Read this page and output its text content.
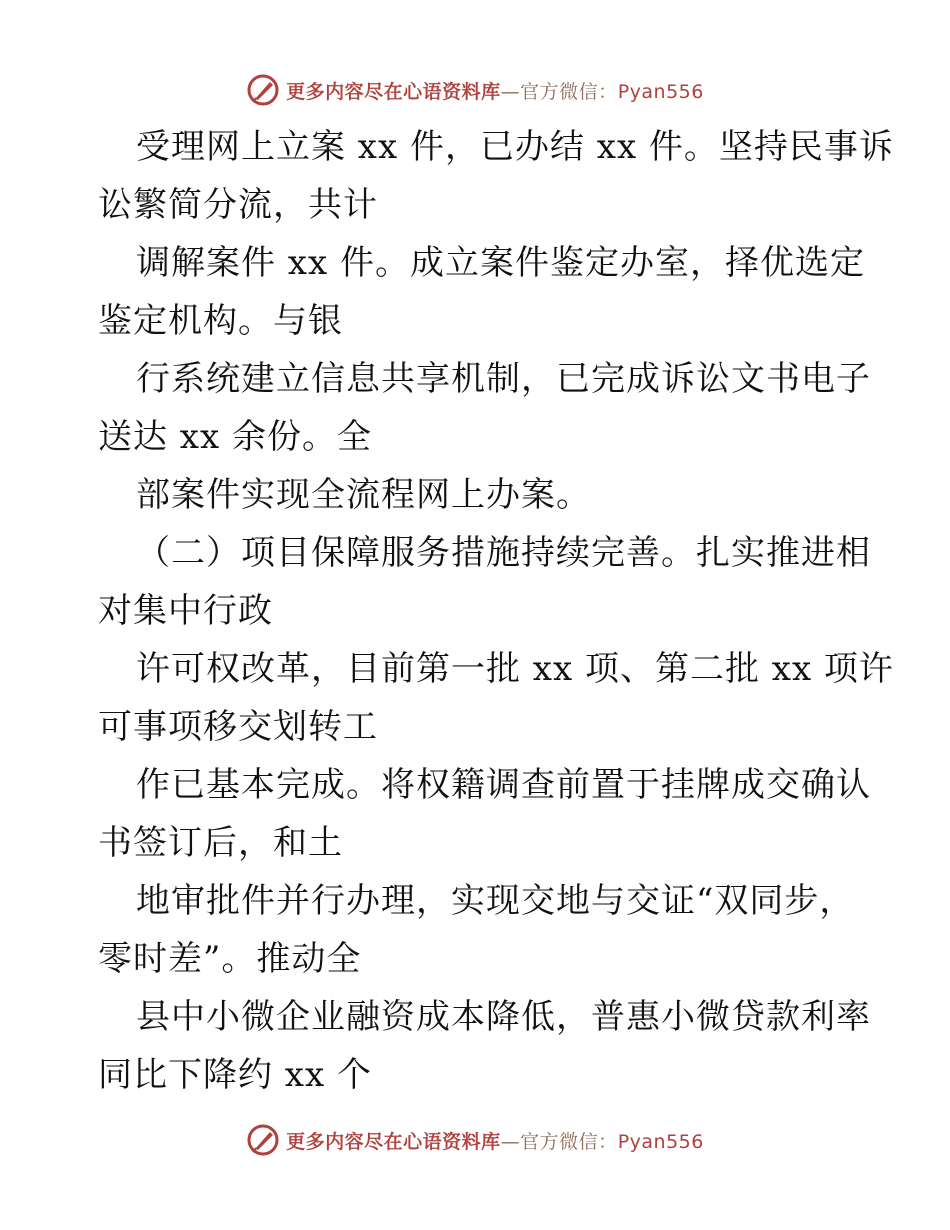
更多内容尽在心语资料库—官方微信：Pyan556
受理网上立案 xx 件，已办结 xx 件。坚持民事诉
讼繁简分流，共计
调解案件 xx 件。成立案件鉴定办室，择优选定
鉴定机构。与银
行系统建立信息共享机制，已完成诉讼文书电子
送达 xx 余份。全
部案件实现全流程网上办案。
（二）项目保障服务措施持续完善。扎实推进相
对集中行政
许可权改革，目前第一批 xx 项、第二批 xx 项许
可事项移交划转工
作已基本完成。将权籍调查前置于挂牌成交确认
书签订后，和土
地审批件并行办理，实现交地与交证“双同步，
零时差”。推动全
县中小微企业融资成本降低，普惠小微贷款利率
同比下降约 xx 个
更多内容尽在心语资料库—官方微信：Pyan556
